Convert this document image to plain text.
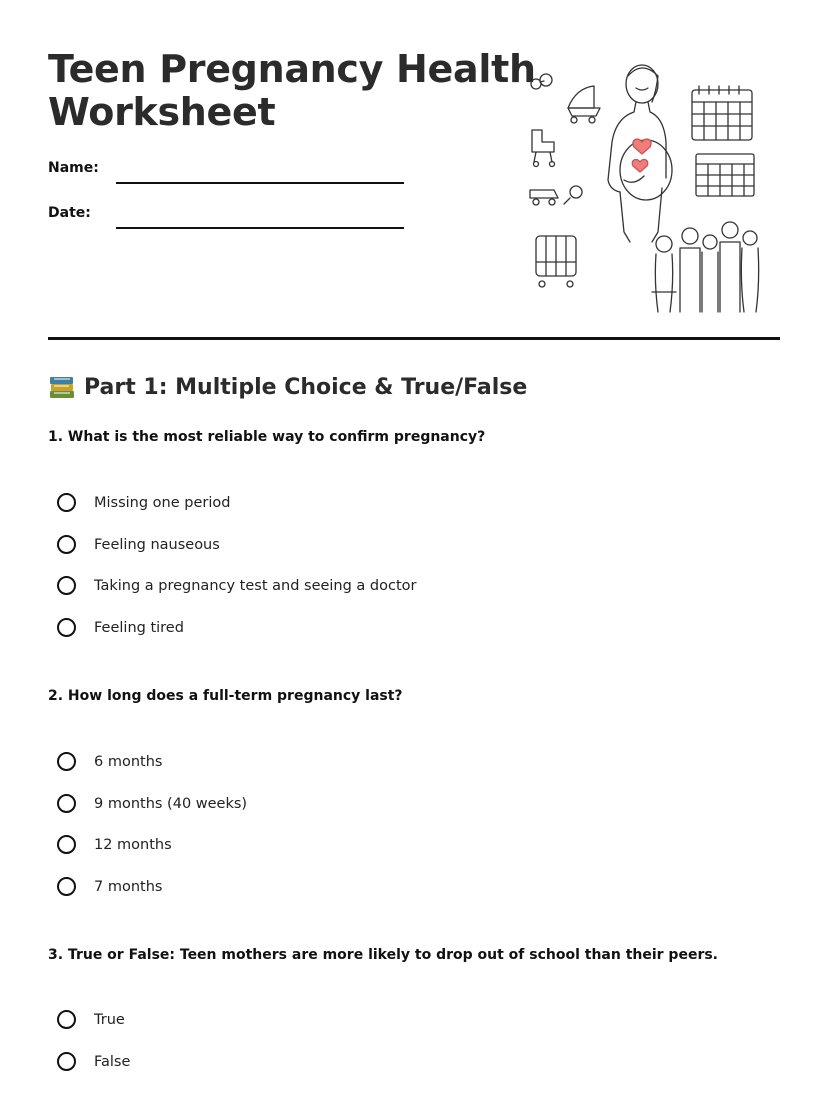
Teen Pregnancy Health
Worksheet
Name:
Date:
Part 1: Multiple Choice & True/False
1. What is the most reliable way to confirm pregnancy?
Missing one period
Feeling nauseous
Taking a pregnancy test and seeing a doctor
Feeling tired
2. How long does a full-term pregnancy last?
6 months
9 months (40 weeks)
12 months
7 months
3. True or False: Teen mothers are more likely to drop out of school than their peers.
True
False
